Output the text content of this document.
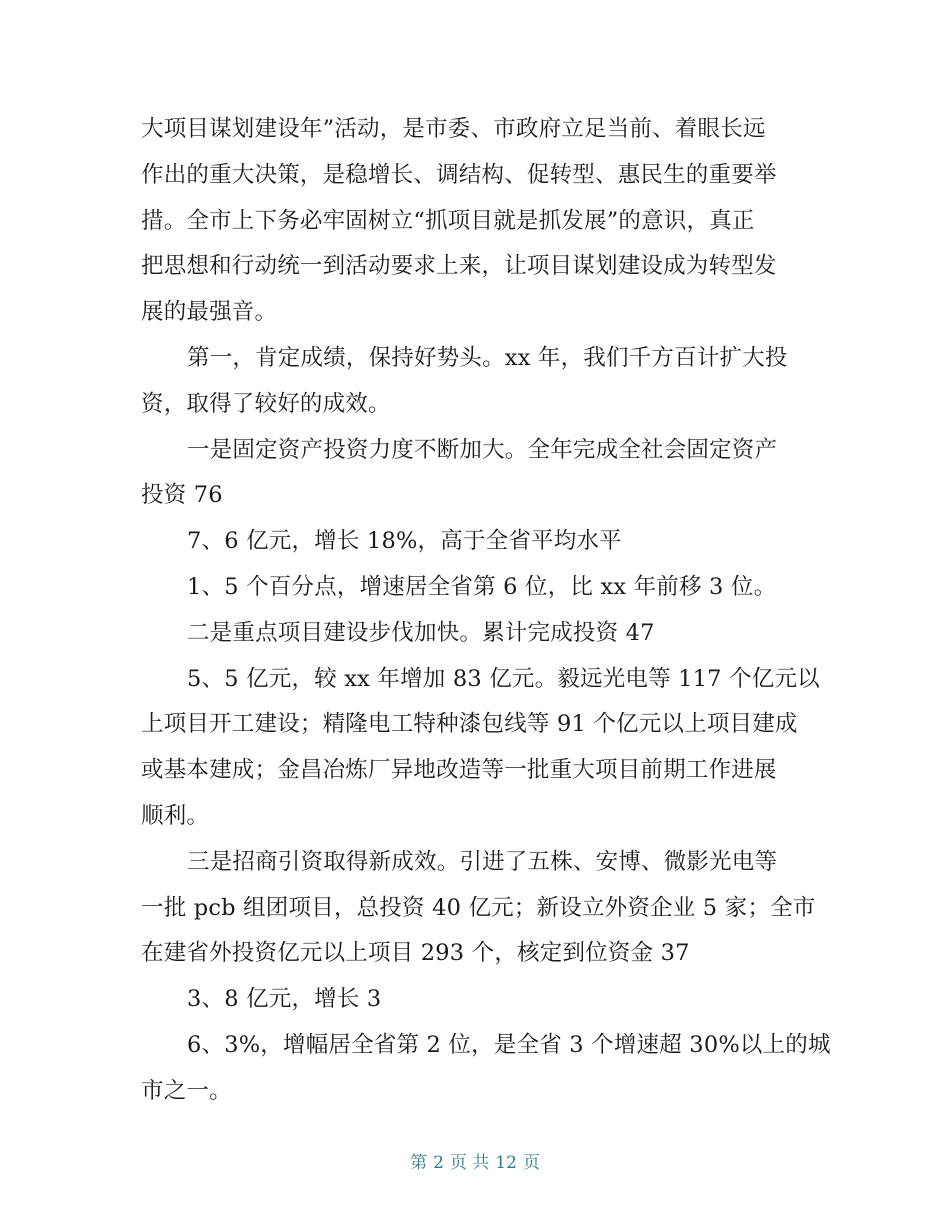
大项目谋划建设年”活动，是市委、市政府立足当前、着眼长远
作出的重大决策，是稳增长、调结构、促转型、惠民生的重要举
措。全市上下务必牢固树立“抓项目就是抓发展”的意识，真正
把思想和行动统一到活动要求上来，让项目谋划建设成为转型发
展的最强音。
第一，肯定成绩，保持好势头。xx 年，我们千方百计扩大投
资，取得了较好的成效。
一是固定资产投资力度不断加大。全年完成全社会固定资产
投资 76
7、6 亿元，增长 18%，高于全省平均水平
1、5 个百分点，增速居全省第 6 位，比 xx 年前移 3 位。
二是重点项目建设步伐加快。累计完成投资 47
5、5 亿元，较 xx 年增加 83 亿元。毅远光电等 117 个亿元以
上项目开工建设；精隆电工特种漆包线等 91 个亿元以上项目建成
或基本建成；金昌冶炼厂异地改造等一批重大项目前期工作进展
顺利。
三是招商引资取得新成效。引进了五株、安博、微影光电等
一批 pcb 组团项目，总投资 40 亿元；新设立外资企业 5 家；全市
在建省外投资亿元以上项目 293 个，核定到位资金 37
3、8 亿元，增长 3
6、3%，增幅居全省第 2 位，是全省 3 个增速超 30%以上的城
市之一。
第 2 页 共 12 页
